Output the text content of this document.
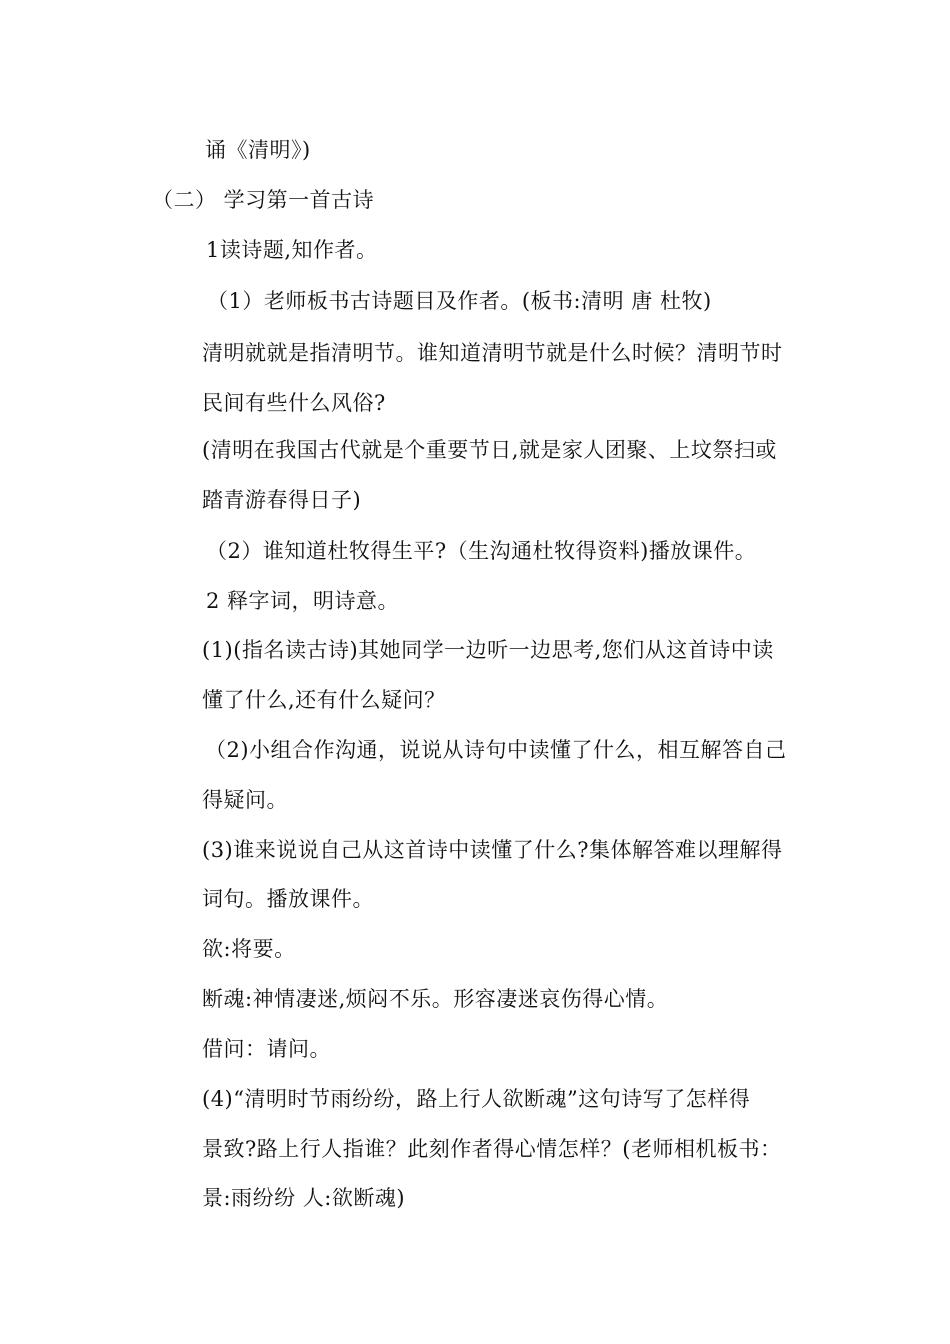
诵《清明》)
（二） 学习第一首古诗
1读诗题,知作者。
（1）老师板书古诗题目及作者。(板书:清明 唐 杜牧)
清明就就是指清明节。谁知道清明节就是什么时候？清明节时
民间有些什么风俗?
(清明在我国古代就是个重要节日,就是家人团聚、上坟祭扫或
踏青游春得日子)
（2）谁知道杜牧得生平?（生沟通杜牧得资料)播放课件。
2 释字词，明诗意。
(1)(指名读古诗)其她同学一边听一边思考,您们从这首诗中读
懂了什么,还有什么疑问？
（2)小组合作沟通，说说从诗句中读懂了什么，相互解答自己
得疑问。
(3)谁来说说自己从这首诗中读懂了什么?集体解答难以理解得
词句。播放课件。
欲:将要。
断魂:神情凄迷,烦闷不乐。形容凄迷哀伤得心情。
借问：请问。
(4)“清明时节雨纷纷，路上行人欲断魂”这句诗写了怎样得
景致?路上行人指谁？此刻作者得心情怎样？(老师相机板书：
景:雨纷纷 人:欲断魂)
